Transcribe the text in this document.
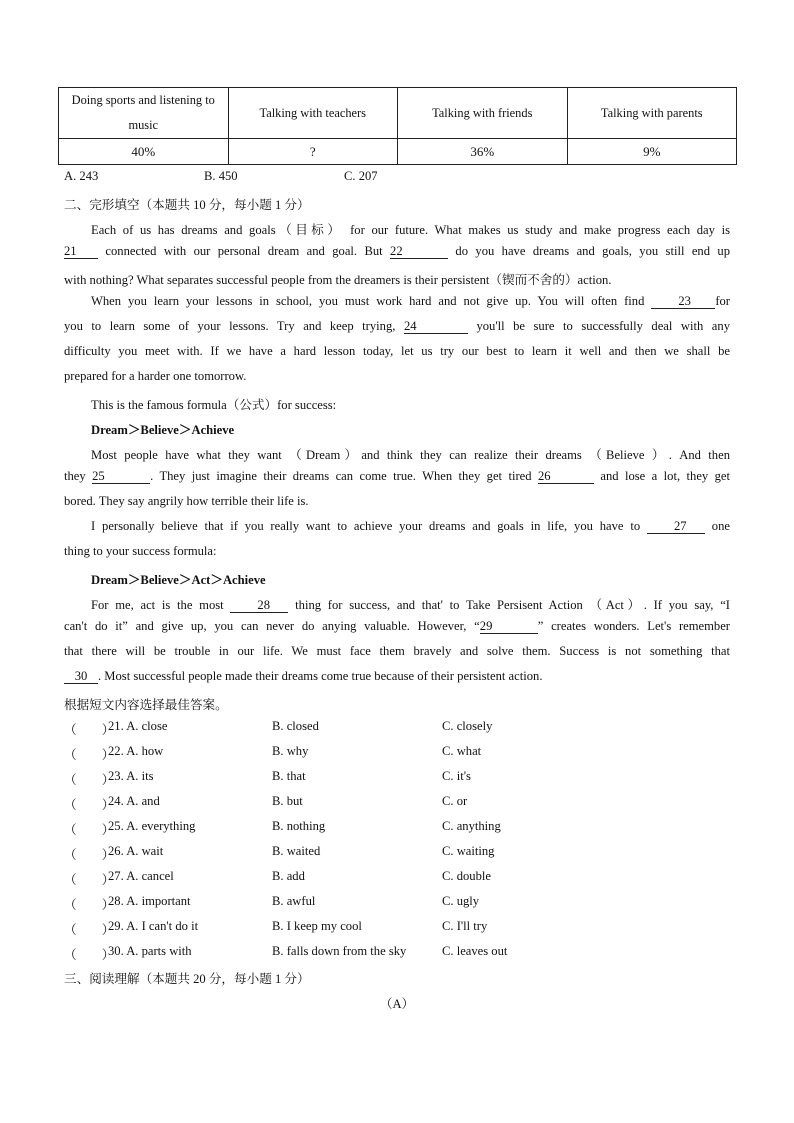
Doing sports and listening to music	Talking with teachers	Talking with friends	Talking with parents
40%	?	36%	9%
A. 243	B. 450	C. 207
二、完形填空（本题共 10 分，每小题 1 分）
Each of us has dreams and goals（目标） for our future. What makes us study and make progress each day is
21 connected with our personal dream and goal. But 22	do you have dreams and goals, you still end up
with nothing? What separates successful people from the dreamers is their persistent（锲而不舍的）action.
When you learn your lessons in school, you must work hard and not give up. You will often find 23 for
you to learn some of your lessons. Try and keep trying, 24	you'll be sure to successfully deal with any
difficulty you meet with. If we have a hard lesson today, let us try our best to learn it well and then we shall be
prepared for a harder one tomorrow.
This is the famous formula（公式）for success:
Dream＞Believe＞Achieve
Most people have what they want （Dream）and think they can realize their dreams （Believe ）. And then
they 25	. They just imagine their dreams can come true. When they get tired 26	and lose a lot, they get
bored. They say angrily how terrible their life is.
I personally believe that if you really want to achieve your dreams and goals in life, you have to 27 one
thing to your success formula:
Dream＞Believe＞Act＞Achieve
For me, act is the most 28 thing for success, and that' to Take Persisent Action （Act）. If you say, “I
can't do it” and give up, you can never do anying valuable. However, “29	” creates wonders. Let's remember
that there will be trouble in our life. We must face them bravely and solve them. Success is not something that
30 . Most successful people made their dreams come true because of their persistent action.
根据短文内容选择最佳答案。
（　　）
21. A. close	B. closed	C. closely
（　　）
22. A. how	B. why	C. what
（　　）
23. A. its	B. that	C. it's
（　　）
24. A. and	B. but	C. or
（　　）
25. A. everything	B. nothing	C. anything
（　　）
26. A. wait	B. waited	C. waiting
（　　）
27. A. cancel	B. add	C. double
（　　）
28. A. important	B. awful	C. ugly
（　　）
29. A. I can't do it	B. I keep my cool	C. I'll try
（　　）
30. A. parts with	B. falls down from the sky	C. leaves out
三、阅读理解（本题共 20 分，每小题 1 分）
（A）
